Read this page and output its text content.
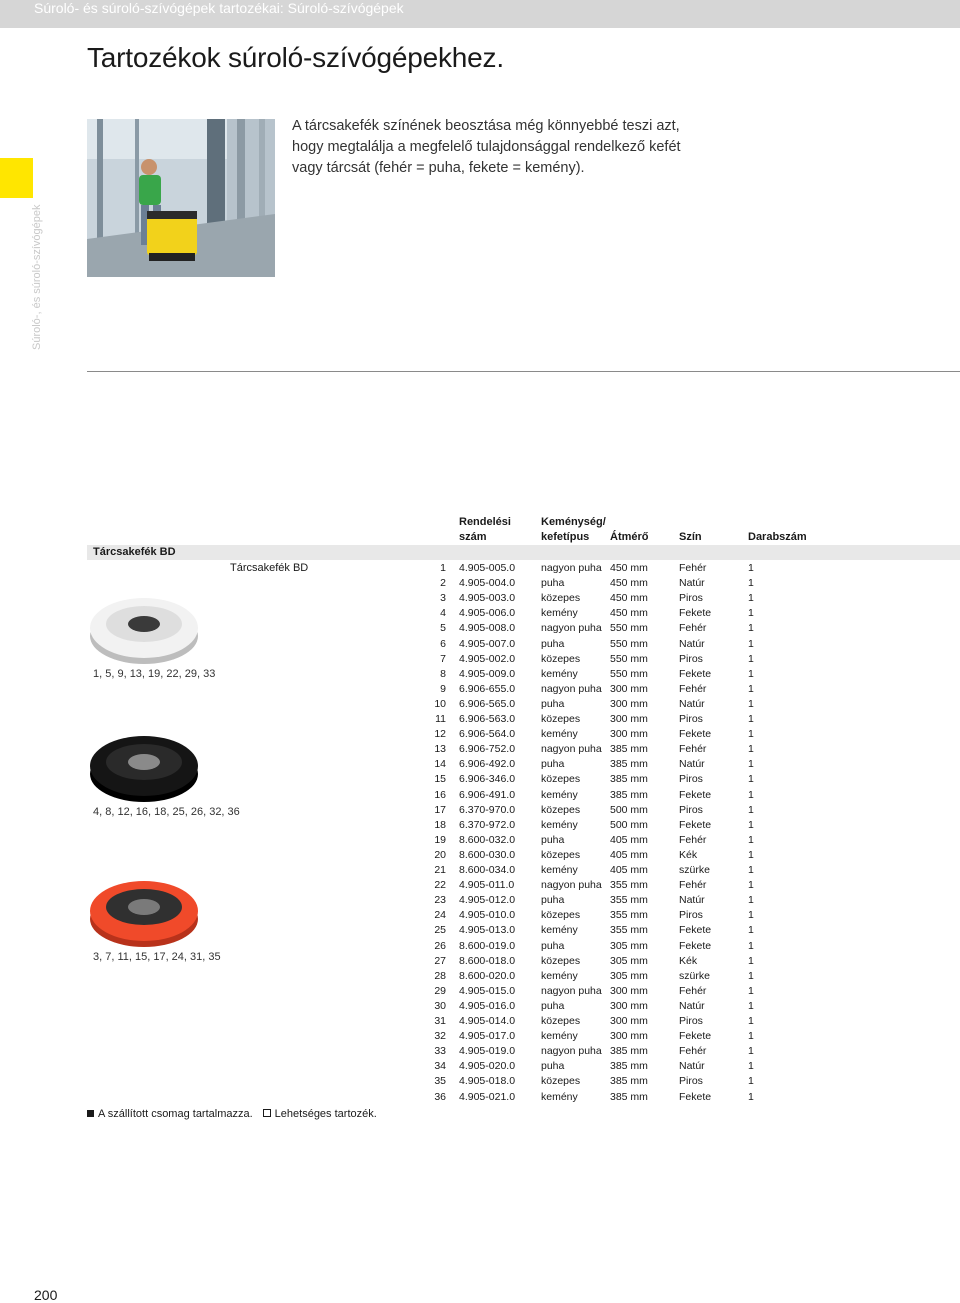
Súroló- és súroló-szívógépek tartozékai: Súroló-szívógépek
Súroló-, és súroló-szívógépek
Tartozékok súroló-szívógépekhez.
A tárcsakefék színének beosztása még könnyebbé teszi azt, hogy megtalálja a megfelelő tulajdonsággal rendelkező kefét vagy tárcsát (fehér = puha, fekete = kemény).
Rendelési
szám
Keménység/
kefetípus	Átmérő	Szín	Darabszám
Tárcsakefék BD
Tárcsakefék BD
1, 5, 9, 13, 19, 22, 29, 33
4, 8, 12, 16, 18, 25, 26, 32, 36
3, 7, 11, 15, 17, 24, 31, 35
1 4.905-005.0 nagyon puha 450 mm	Fehér	1
2 4.905-004.0 puha	450 mm	Natúr	1
3 4.905-003.0 közepes	450 mm	Piros	1
4 4.905-006.0 kemény	450 mm	Fekete	1
5 4.905-008.0 nagyon puha 550 mm	Fehér	1
6 4.905-007.0 puha	550 mm	Natúr	1
7 4.905-002.0 közepes	550 mm	Piros	1
8 4.905-009.0 kemény	550 mm	Fekete	1
9 6.906-655.0 nagyon puha 300 mm	Fehér	1
10 6.906-565.0 puha	300 mm	Natúr	1
11 6.906-563.0 közepes	300 mm	Piros	1
12 6.906-564.0 kemény	300 mm	Fekete	1
13 6.906-752.0 nagyon puha 385 mm	Fehér	1
14 6.906-492.0 puha	385 mm	Natúr	1
15 6.906-346.0 közepes	385 mm	Piros	1
16 6.906-491.0 kemény	385 mm	Fekete	1
17 6.370-970.0 közepes	500 mm	Piros	1
18 6.370-972.0 kemény	500 mm	Fekete	1
19 8.600-032.0 puha	405 mm	Fehér	1
20 8.600-030.0 közepes	405 mm	Kék	1
21 8.600-034.0 kemény	405 mm	szürke	1
22 4.905-011.0	nagyon puha 355 mm	Fehér	1
23 4.905-012.0 puha	355 mm	Natúr	1
24 4.905-010.0 közepes	355 mm	Piros	1
25 4.905-013.0 kemény	355 mm	Fekete	1
26 8.600-019.0 puha	305 mm	Fekete	1
27 8.600-018.0 közepes	305 mm	Kék	1
28 8.600-020.0 kemény	305 mm	szürke	1
29 4.905-015.0 nagyon puha 300 mm	Fehér	1
30 4.905-016.0 puha	300 mm	Natúr	1
31 4.905-014.0 közepes	300 mm	Piros	1
32 4.905-017.0 kemény	300 mm	Fekete	1
33 4.905-019.0 nagyon puha 385 mm	Fehér	1
34 4.905-020.0 puha	385 mm	Natúr	1
35 4.905-018.0 közepes	385 mm	Piros	1
36 4.905-021.0 kemény	385 mm	Fekete	1
A szállított csomag tartalmazza. Lehetséges tartozék.
200
